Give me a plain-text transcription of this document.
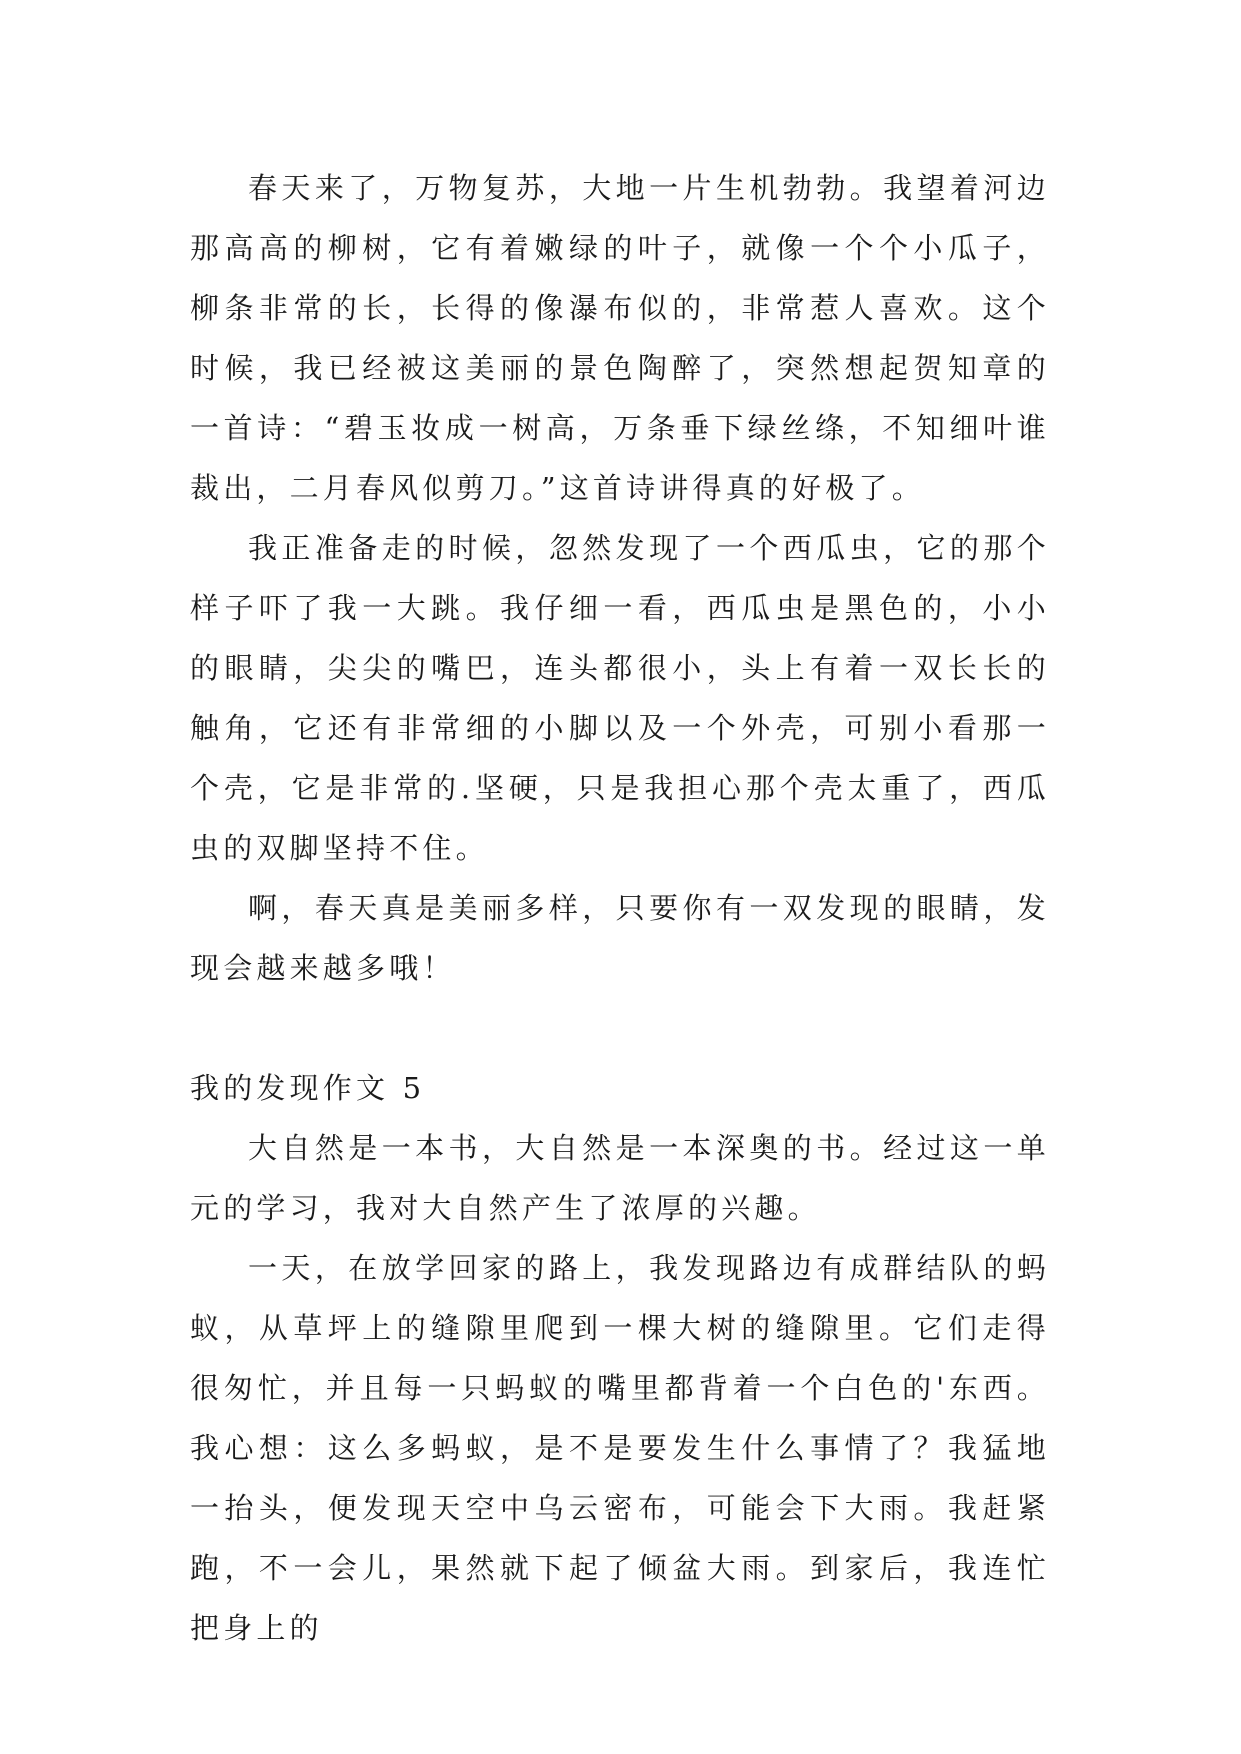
春天来了，万物复苏，大地一片生机勃勃。我望着河边那高高的柳树，它有着嫩绿的叶子，就像一个个小瓜子，柳条非常的长，长得的像瀑布似的，非常惹人喜欢。这个时候，我已经被这美丽的景色陶醉了，突然想起贺知章的一首诗：“碧玉妆成一树高，万条垂下绿丝绦，不知细叶谁裁出，二月春风似剪刀。”这首诗讲得真的好极了。

我正准备走的时候，忽然发现了一个西瓜虫，它的那个样子吓了我一大跳。我仔细一看，西瓜虫是黑色的，小小的眼睛，尖尖的嘴巴，连头都很小，头上有着一双长长的触角，它还有非常细的小脚以及一个外壳，可别小看那一个壳，它是非常的.坚硬，只是我担心那个壳太重了，西瓜虫的双脚坚持不住。

啊，春天真是美丽多样，只要你有一双发现的眼睛，发现会越来越多哦！

我的发现作文 5

大自然是一本书，大自然是一本深奥的书。经过这一单元的学习，我对大自然产生了浓厚的兴趣。

一天，在放学回家的路上，我发现路边有成群结队的蚂蚁，从草坪上的缝隙里爬到一棵大树的缝隙里。它们走得很匆忙，并且每一只蚂蚁的嘴里都背着一个白色的'东西。我心想：这么多蚂蚁，是不是要发生什么事情了？我猛地一抬头，便发现天空中乌云密布，可能会下大雨。我赶紧跑，不一会儿，果然就下起了倾盆大雨。到家后，我连忙把身上的
